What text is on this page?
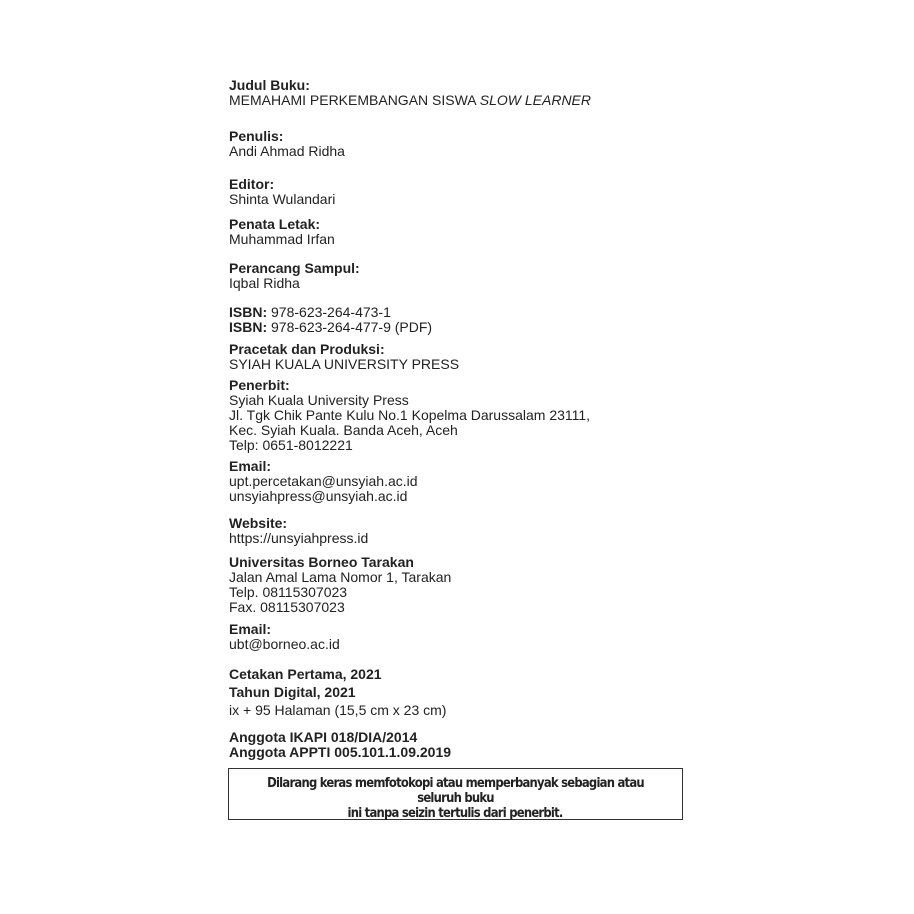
Judul Buku:
MEMAHAMI PERKEMBANGAN SISWA SLOW LEARNER
Penulis:
Andi Ahmad Ridha
Editor:
Shinta Wulandari
Penata Letak:
Muhammad Irfan
Perancang Sampul:
Iqbal Ridha
ISBN: 978-623-264-473-1
ISBN: 978-623-264-477-9 (PDF)
Pracetak dan Produksi:
SYIAH KUALA UNIVERSITY PRESS
Penerbit:
Syiah Kuala University Press
Jl. Tgk Chik Pante Kulu No.1 Kopelma Darussalam 23111,
Kec. Syiah Kuala. Banda Aceh, Aceh
Telp: 0651-8012221
Email:
upt.percetakan@unsyiah.ac.id
unsyiahpress@unsyiah.ac.id
Website:
https://unsyiahpress.id
Universitas Borneo Tarakan
Jalan Amal Lama Nomor 1, Tarakan
Telp. 08115307023
Fax. 08115307023
Email:
ubt@borneo.ac.id
Cetakan Pertama, 2021
Tahun Digital, 2021
ix + 95 Halaman (15,5 cm x 23 cm)
Anggota IKAPI 018/DIA/2014
Anggota APPTI 005.101.1.09.2019
Dilarang keras memfotokopi atau memperbanyak sebagian atau seluruh buku
ini tanpa seizin tertulis dari penerbit.
